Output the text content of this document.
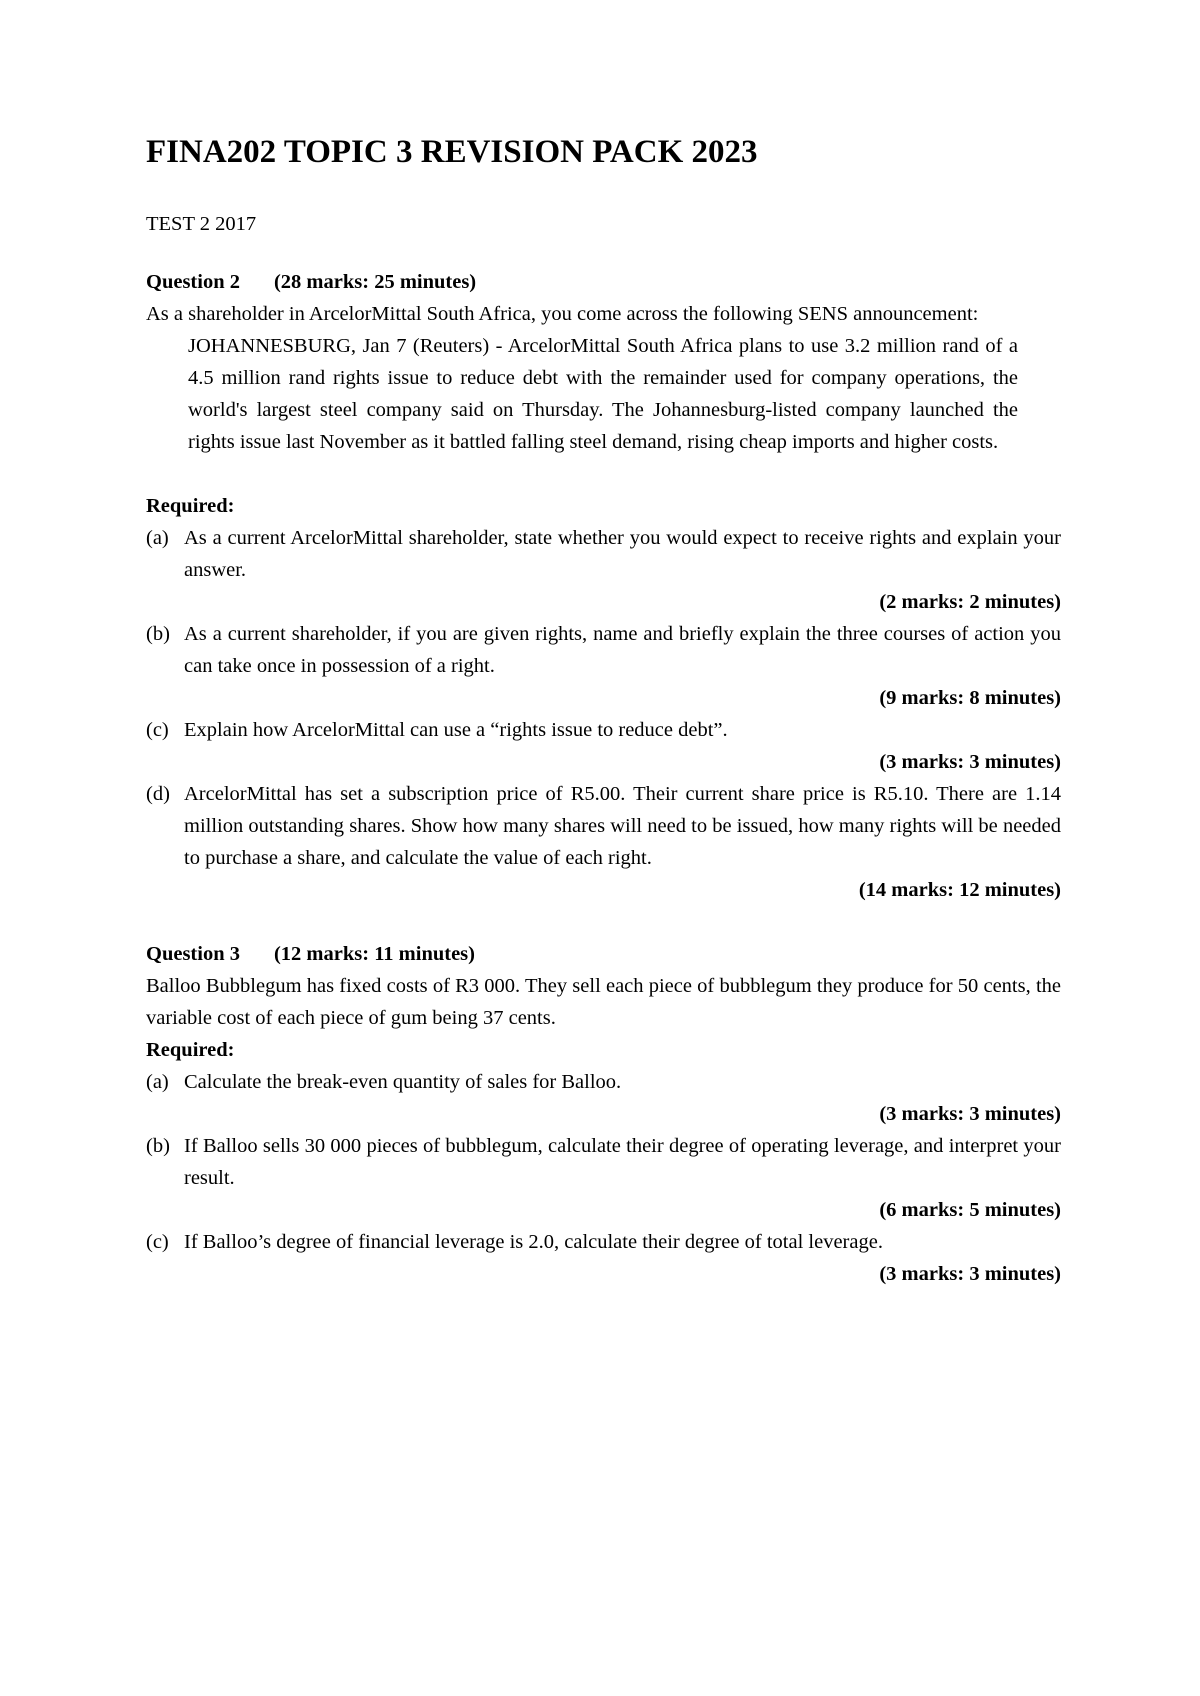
FINA202 TOPIC 3 REVISION PACK 2023
TEST 2 2017
Question 2 (28 marks: 25 minutes)
As a shareholder in ArcelorMittal South Africa, you come across the following SENS announcement:
JOHANNESBURG, Jan 7 (Reuters) - ArcelorMittal South Africa plans to use 3.2 million rand of a 4.5 million rand rights issue to reduce debt with the remainder used for company operations, the world's largest steel company said on Thursday. The Johannesburg-listed company launched the rights issue last November as it battled falling steel demand, rising cheap imports and higher costs.
Required:
(a) As a current ArcelorMittal shareholder, state whether you would expect to receive rights and explain your answer.
(2 marks: 2 minutes)
(b) As a current shareholder, if you are given rights, name and briefly explain the three courses of action you can take once in possession of a right.
(9 marks: 8 minutes)
(c) Explain how ArcelorMittal can use a “rights issue to reduce debt”.
(3 marks: 3 minutes)
(d) ArcelorMittal has set a subscription price of R5.00. Their current share price is R5.10. There are 1.14 million outstanding shares. Show how many shares will need to be issued, how many rights will be needed to purchase a share, and calculate the value of each right.
(14 marks: 12 minutes)
Question 3 (12 marks: 11 minutes)
Balloo Bubblegum has fixed costs of R3 000. They sell each piece of bubblegum they produce for 50 cents, the variable cost of each piece of gum being 37 cents.
Required:
(a) Calculate the break-even quantity of sales for Balloo.
(3 marks: 3 minutes)
(b) If Balloo sells 30 000 pieces of bubblegum, calculate their degree of operating leverage, and interpret your result.
(6 marks: 5 minutes)
(c) If Balloo’s degree of financial leverage is 2.0, calculate their degree of total leverage.
(3 marks: 3 minutes)
